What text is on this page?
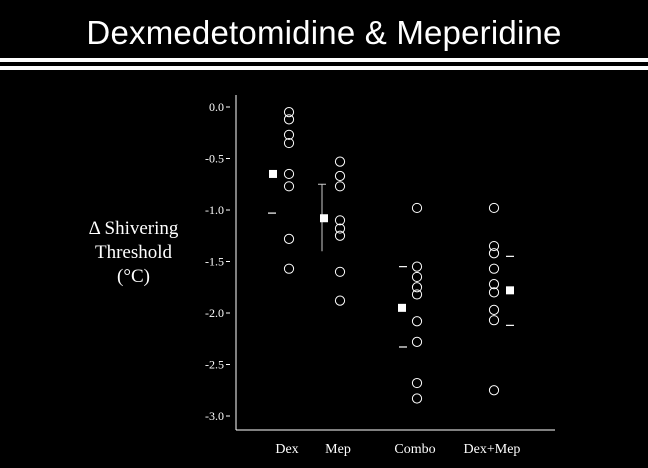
Dexmedetomidine & Meperidine
Δ Shivering
Threshold
(°C)
0.0
-0.5
-1.0
-1.5
-2.0
-2.5
-3.0
Dex Mep	Combo Dex+Mep
